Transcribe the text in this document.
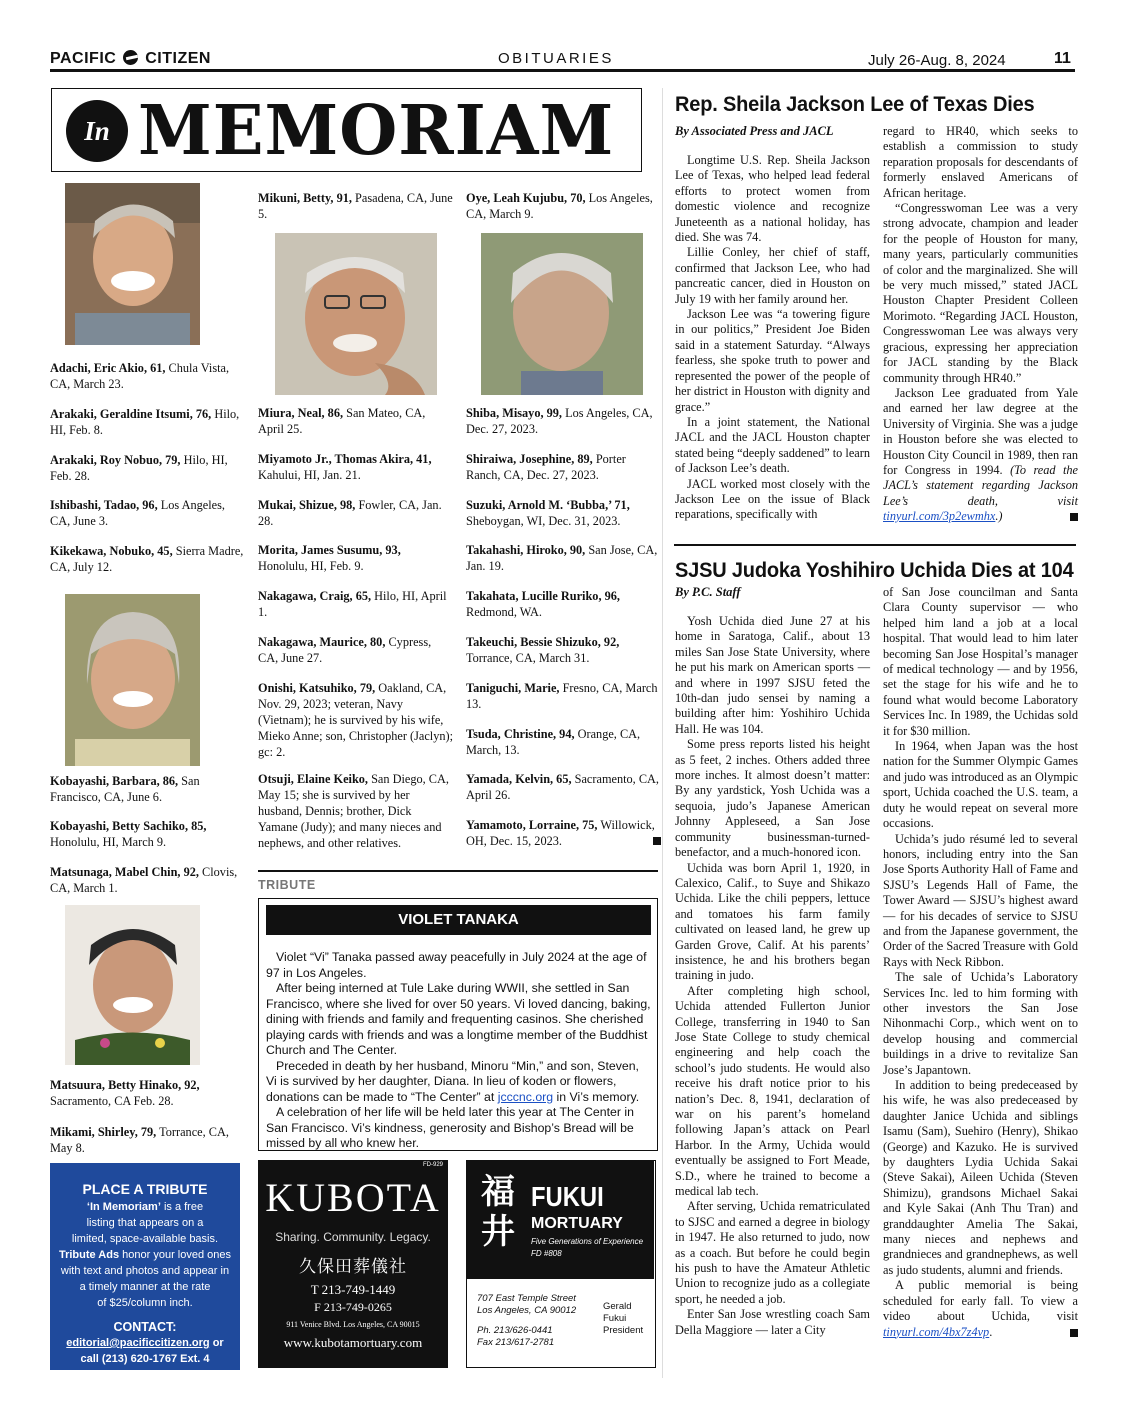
PACIFIC CITIZEN	OBITUARIES	July 26-Aug. 8, 2024	11
In MEMORIAM
Adachi, Eric Akio, 61, Chula Vista, CA, March 23.
Arakaki, Geraldine Itsumi, 76, Hilo, HI, Feb. 8.
Arakaki, Roy Nobuo, 79, Hilo, HI, Feb. 28.
Ishibashi, Tadao, 96, Los Angeles, CA, June 3.
Kikekawa, Nobuko, 45, Sierra Madre, CA, July 12.
Kobayashi, Barbara, 86, San Francisco, CA, June 6.
Kobayashi, Betty Sachiko, 85, Honolulu, HI, March 9.
Matsunaga, Mabel Chin, 92, Clovis, CA, March 1.
Matsuura, Betty Hinako, 92, Sacramento, CA Feb. 28.
Mikami, Shirley, 79, Torrance, CA, May 8.
Mikuni, Betty, 91, Pasadena, CA, June 5.
Miura, Neal, 86, San Mateo, CA, April 25.
Miyamoto Jr., Thomas Akira, 41, Kahului, HI, Jan. 21.
Mukai, Shizue, 98, Fowler, CA, Jan. 28.
Morita, James Susumu, 93, Honolulu, HI, Feb. 9.
Nakagawa, Craig, 65, Hilo, HI, April 1.
Nakagawa, Maurice, 80, Cypress, CA, June 27.
Onishi, Katsuhiko, 79, Oakland, CA, Nov. 29, 2023; veteran, Navy (Vietnam); he is survived by his wife, Mieko Anne; son, Christopher (Jaclyn); gc: 2.
Otsuji, Elaine Keiko, San Diego, CA, May 15; she is survived by her husband, Dennis; brother, Dick Yamane (Judy); and many nieces and nephews, and other relatives.
Oye, Leah Kujubu, 70, Los Angeles, CA, March 9.
Shiba, Misayo, 99, Los Angeles, CA, Dec. 27, 2023.
Shiraiwa, Josephine, 89, Porter Ranch, CA, Dec. 27, 2023.
Suzuki, Arnold M. ‘Bubba,’ 71, Sheboygan, WI, Dec. 31, 2023.
Takahashi, Hiroko, 90, San Jose, CA, Jan. 19.
Takahata, Lucille Ruriko, 96, Redmond, WA.
Takeuchi, Bessie Shizuko, 92, Torrance, CA, March 31.
Taniguchi, Marie, Fresno, CA, March 13.
Tsuda, Christine, 94, Orange, CA, March, 13.
Yamada, Kelvin, 65, Sacramento, CA, April 26.
Yamamoto, Lorraine, 75, Willowick, OH, Dec. 15, 2023.
TRIBUTE
VIOLET TANAKA

Violet “Vi” Tanaka passed away peacefully in July 2024 at the age of 97 in Los Angeles.

After being interned at Tule Lake during WWII, she settled in San Francisco, where she lived for over 50 years. Vi loved dancing, baking, dining with friends and family and frequenting casinos. She cherished playing cards with friends and was a longtime member of the Buddhist Church and The Center.

Preceded in death by her husband, Minoru “Min,” and son, Steven, Vi is survived by her daughter, Diana. In lieu of koden or flowers, donations can be made to “The Center” at jcccnc.org in Vi’s memory.

A celebration of her life will be held later this year at The Center in San Francisco. Vi’s kindness, generosity and Bishop’s Bread will be missed by all who knew her.

PLACE A TRIBUTE
‘In Memoriam’ is a free
listing that appears on a
limited, space-available basis.
Tribute Ads honor your loved ones
with text and photos and appear in
a timely manner at the rate
of $25/column inch.
CONTACT:
editorial@pacificcitizen.org or
call (213) 620-1767 Ext. 4
FD-929
KUBOTA
Sharing. Community. Legacy.
久保田葬儀社
T 213-749-1449
F 213-749-0265
911 Venice Blvd. Los Angeles, CA 90015
www.kubotamortuary.com
福
井
FUKUI
MORTUARY
Five Generations of Experience
FD #808
707 East Temple Street
Los Angeles, CA 90012
Ph. 213/626-0441
Fax 213/617-2781
Gerald
Fukui
President
Rep. Sheila Jackson Lee of Texas Dies
By Associated Press and JACL

Longtime U.S. Rep. Sheila Jackson Lee of Texas, who helped lead federal efforts to protect women from domestic violence and recognize Juneteenth as a national holiday, has died. She was 74.

Lillie Conley, her chief of staff, confirmed that Jackson Lee, who had pancreatic cancer, died in Houston on July 19 with her family around her.

Jackson Lee was “a towering figure in our politics,” President Joe Biden said in a statement Saturday. “Always fearless, she spoke truth to power and represented the power of the people of her district in Houston with dignity and grace.”

In a joint statement, the National JACL and the JACL Houston chapter stated being “deeply saddened” to learn of Jackson Lee’s death.

JACL worked most closely with the Jackson Lee on the issue of Black reparations, specifically with

regard to HR40, which seeks to establish a commission to study reparation proposals for descendants of formerly enslaved Americans of African heritage.

“Congresswoman Lee was a very strong advocate, champion and leader for the people of Houston for many, many years, particularly communities of color and the marginalized. She will be very much missed,” stated JACL Houston Chapter President Colleen Morimoto. “Regarding JACL Houston, Congresswoman Lee was always very gracious, expressing her appreciation for JACL standing by the Black community through HR40.”

Jackson Lee graduated from Yale and earned her law degree at the University of Virginia. She was a judge in Houston before she was elected to Houston City Council in 1989, then ran for Congress in 1994. (To read the JACL’s statement regarding Jackson Lee’s death, visit tinyurl.com/3p2ewmhx.)

SJSU Judoka Yoshihiro Uchida Dies at 104
By P.C. Staff

Yosh Uchida died June 27 at his home in Saratoga, Calif., about 13 miles San Jose State University, where he put his mark on American sports — and where in 1997 SJSU feted the 10th-dan judo sensei by naming a building after him: Yoshihiro Uchida Hall. He was 104.

Some press reports listed his height as 5 feet, 2 inches. Others added three more inches. It almost doesn’t matter: By any yardstick, Yosh Uchida was a sequoia, judo’s Japanese American Johnny Appleseed, a San Jose community businessman-turned-benefactor, and a much-honored icon.

Uchida was born April 1, 1920, in Calexico, Calif., to Suye and Shikazo Uchida. Like the chili peppers, lettuce and tomatoes his farm family cultivated on leased land, he grew up Garden Grove, Calif. At his parents’ insistence, he and his brothers began training in judo.

After completing high school, Uchida attended Fullerton Junior College, transferring in 1940 to San Jose State College to study chemical engineering and help coach the school’s judo students. He would also receive his draft notice prior to his nation’s Dec. 8, 1941, declaration of war on his parent’s homeland following Japan’s attack on Pearl Harbor. In the Army, Uchida would eventually be assigned to Fort Meade, S.D., where he trained to become a medical lab tech.

After serving, Uchida rematriculated to SJSC and earned a degree in biology in 1947. He also returned to judo, now as a coach. But before he could begin his push to have the Amateur Athletic Union to recognize judo as a collegiate sport, he needed a job.

Enter San Jose wrestling coach Sam Della Maggiore — later a City

of San Jose councilman and Santa Clara County supervisor — who helped him land a job at a local hospital. That would lead to him later becoming San Jose Hospital’s manager of medical technology — and by 1956, set the stage for his wife and he to found what would become Laboratory Services Inc. In 1989, the Uchidas sold it for $30 million.

In 1964, when Japan was the host nation for the Summer Olympic Games and judo was introduced as an Olympic sport, Uchida coached the U.S. team, a duty he would repeat on several more occasions.

Uchida’s judo résumé led to several honors, including entry into the San Jose Sports Authority Hall of Fame and SJSU’s Legends Hall of Fame, the Tower Award — SJSU’s highest award — for his decades of service to SJSU and from the Japanese government, the Order of the Sacred Treasure with Gold Rays with Neck Ribbon.

The sale of Uchida’s Laboratory Services Inc. led to him forming with other investors the San Jose Nihonmachi Corp., which went on to develop housing and commercial buildings in a drive to revitalize San Jose’s Japantown.

In addition to being predeceased by his wife, he was also predeceased by daughter Janice Uchida and siblings Isamu (Sam), Suehiro (Henry), Shikao (George) and Kazuko. He is survived by daughters Lydia Uchida Sakai (Steve Sakai), Aileen Uchida (Steven Shimizu), grandsons Michael Sakai and Kyle Sakai (Anh Thu Tran) and granddaughter Amelia The Sakai, many nieces and nephews and grandnieces and grandnephews, as well as judo students, alumni and friends.

A public memorial is being scheduled for early fall. To view a video about Uchida, visit tinyurl.com/4bx7z4vp.
